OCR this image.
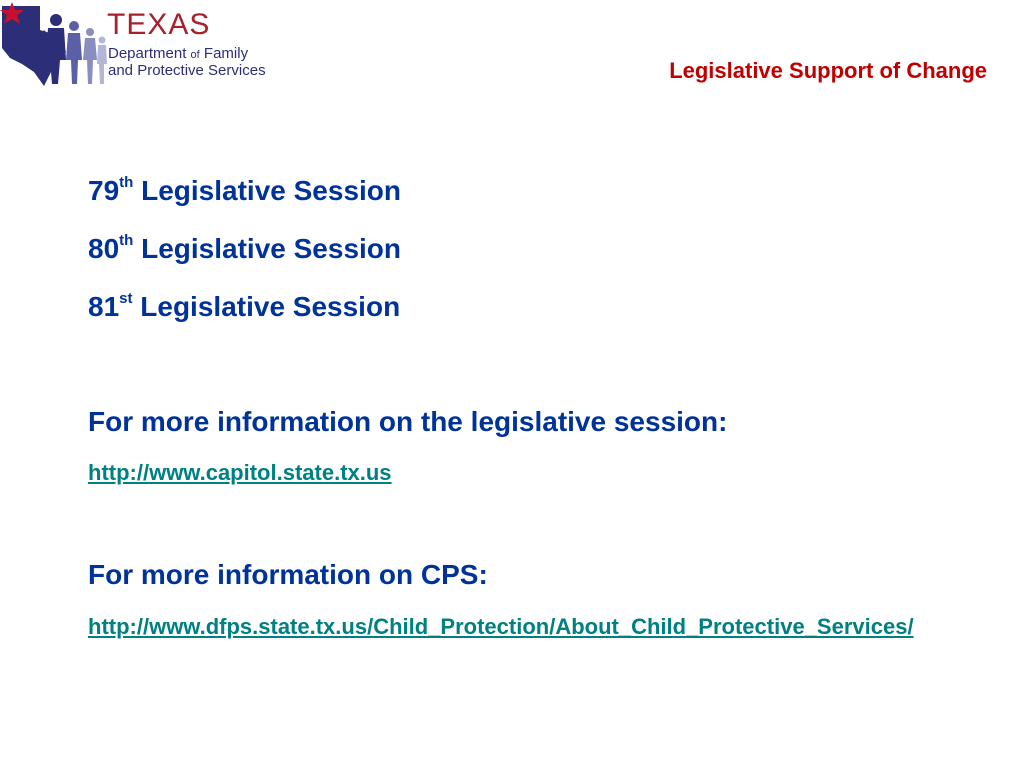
TEXAS
Department of Family
and Protective Services	Legislative Support of Change
79th Legislative Session
80th Legislative Session
81st Legislative Session
For more information on the legislative session:
http://www.capitol.state.tx.us
For more information on CPS:
http://www.dfps.state.tx.us/Child_Protection/About_Child_Protective_Services/
